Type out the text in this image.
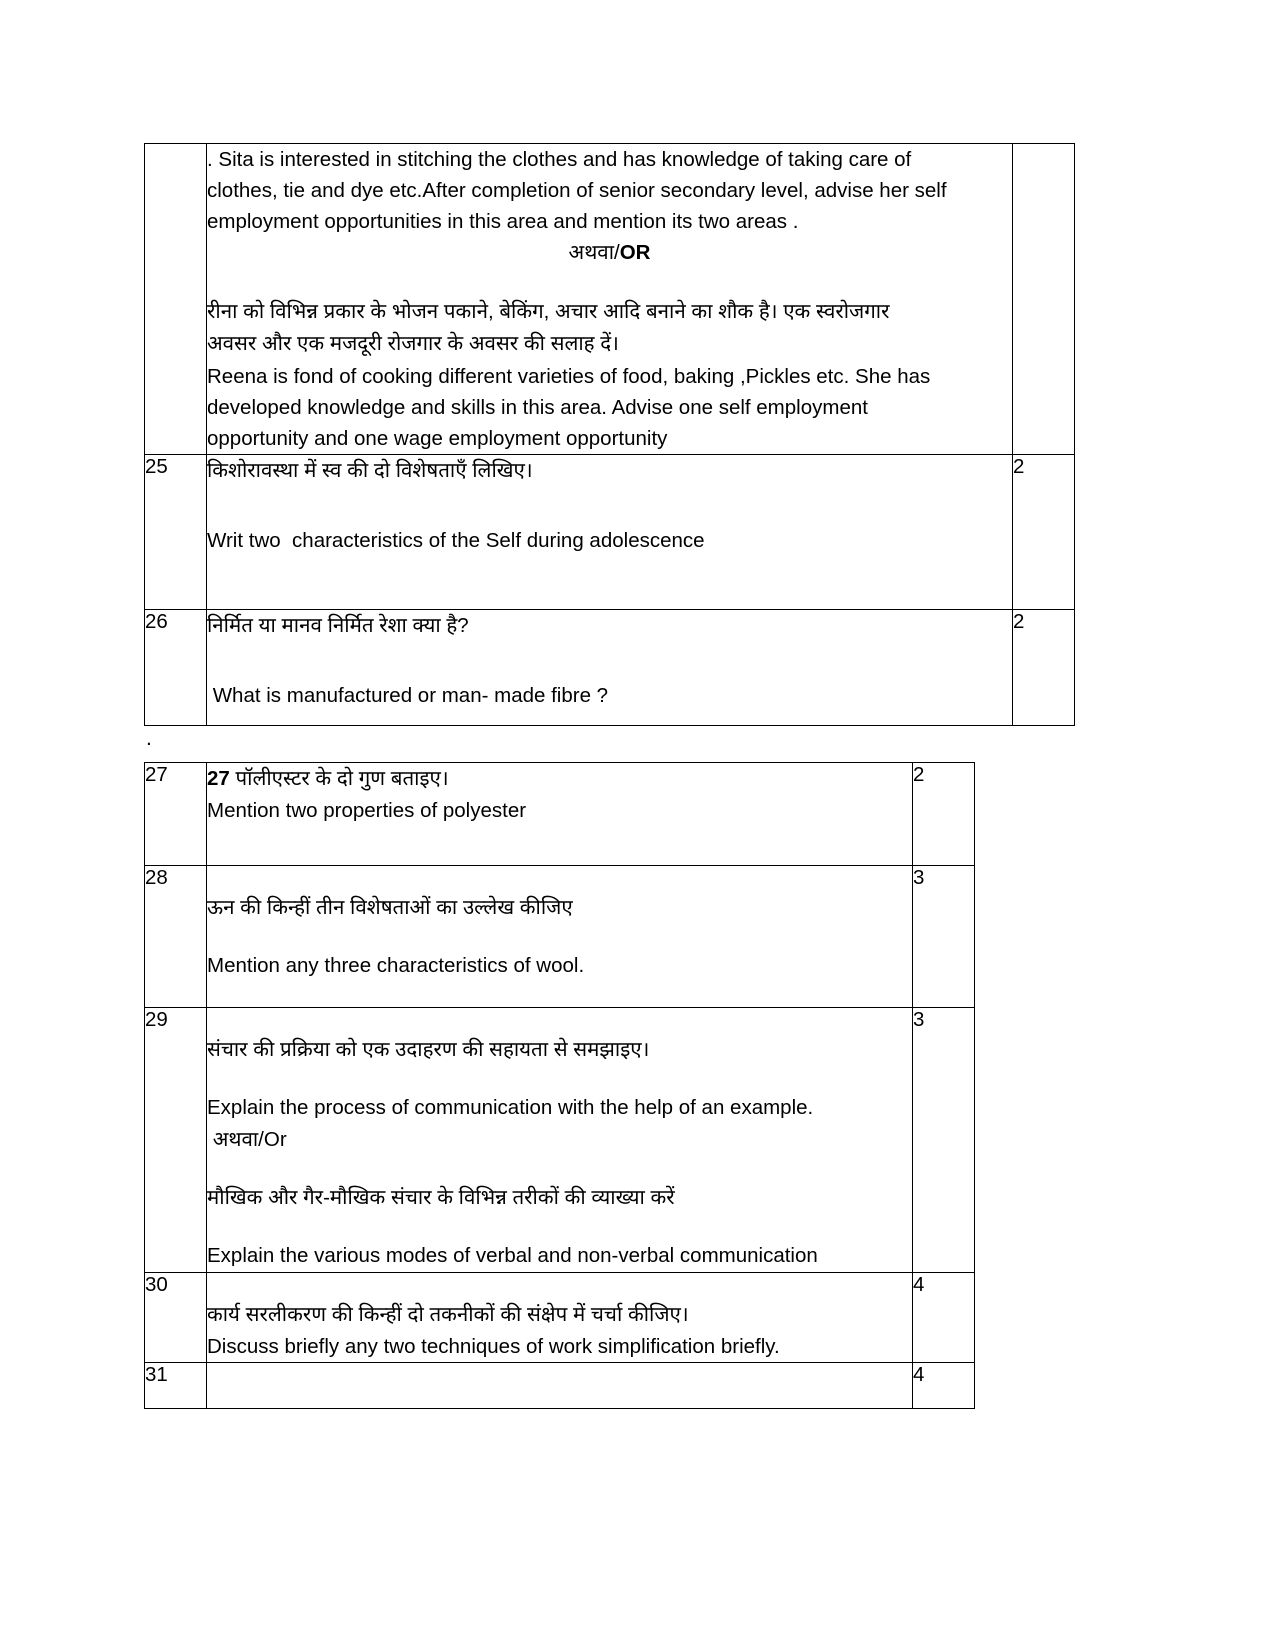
. Sita is interested in stitching the clothes and has knowledge of taking care of
clothes, tie and dye etc.After completion of senior secondary level, advise her self
employment opportunities in this area and mention its two areas .
अथवा/OR
रीना को विभिन्न प्रकार के भोजन पकाने, बेकिंग, अचार आदि बनाने का शौक है। एक स्वरोजगार
अवसर और एक मजदूरी रोजगार के अवसर की सलाह दें।
Reena is fond of cooking different varieties of food, baking ,Pickles etc. She has
developed knowledge and skills in this area. Advise one self employment
opportunity and one wage employment opportunity

25	किशोरावस्था में स्व की दो विशेषताएँ लिखिए।
Writ two  characteristics of the Self during adolescence	2
26	निर्मित या मानव निर्मित रेशा क्या है?
What is manufactured or man- made fibre ?	2
.
27	27 पॉलीएस्टर के दो गुण बताइए।
Mention two properties of polyester	2
28	ऊन की किन्हीं तीन विशेषताओं का उल्लेख कीजिए
Mention any three characteristics of wool.	3
29	संचार की प्रक्रिया को एक उदाहरण की सहायता से समझाइए।
Explain the process of communication with the help of an example.
अथवा/Or
मौखिक और गैर-मौखिक संचार के विभिन्न तरीकों की व्याख्या करें
Explain the various modes of verbal and non-verbal communication	3
30	कार्य सरलीकरण की किन्हीं दो तकनीकों की संक्षेप में चर्चा कीजिए।
Discuss briefly any two techniques of work simplification briefly.	4
31		4
